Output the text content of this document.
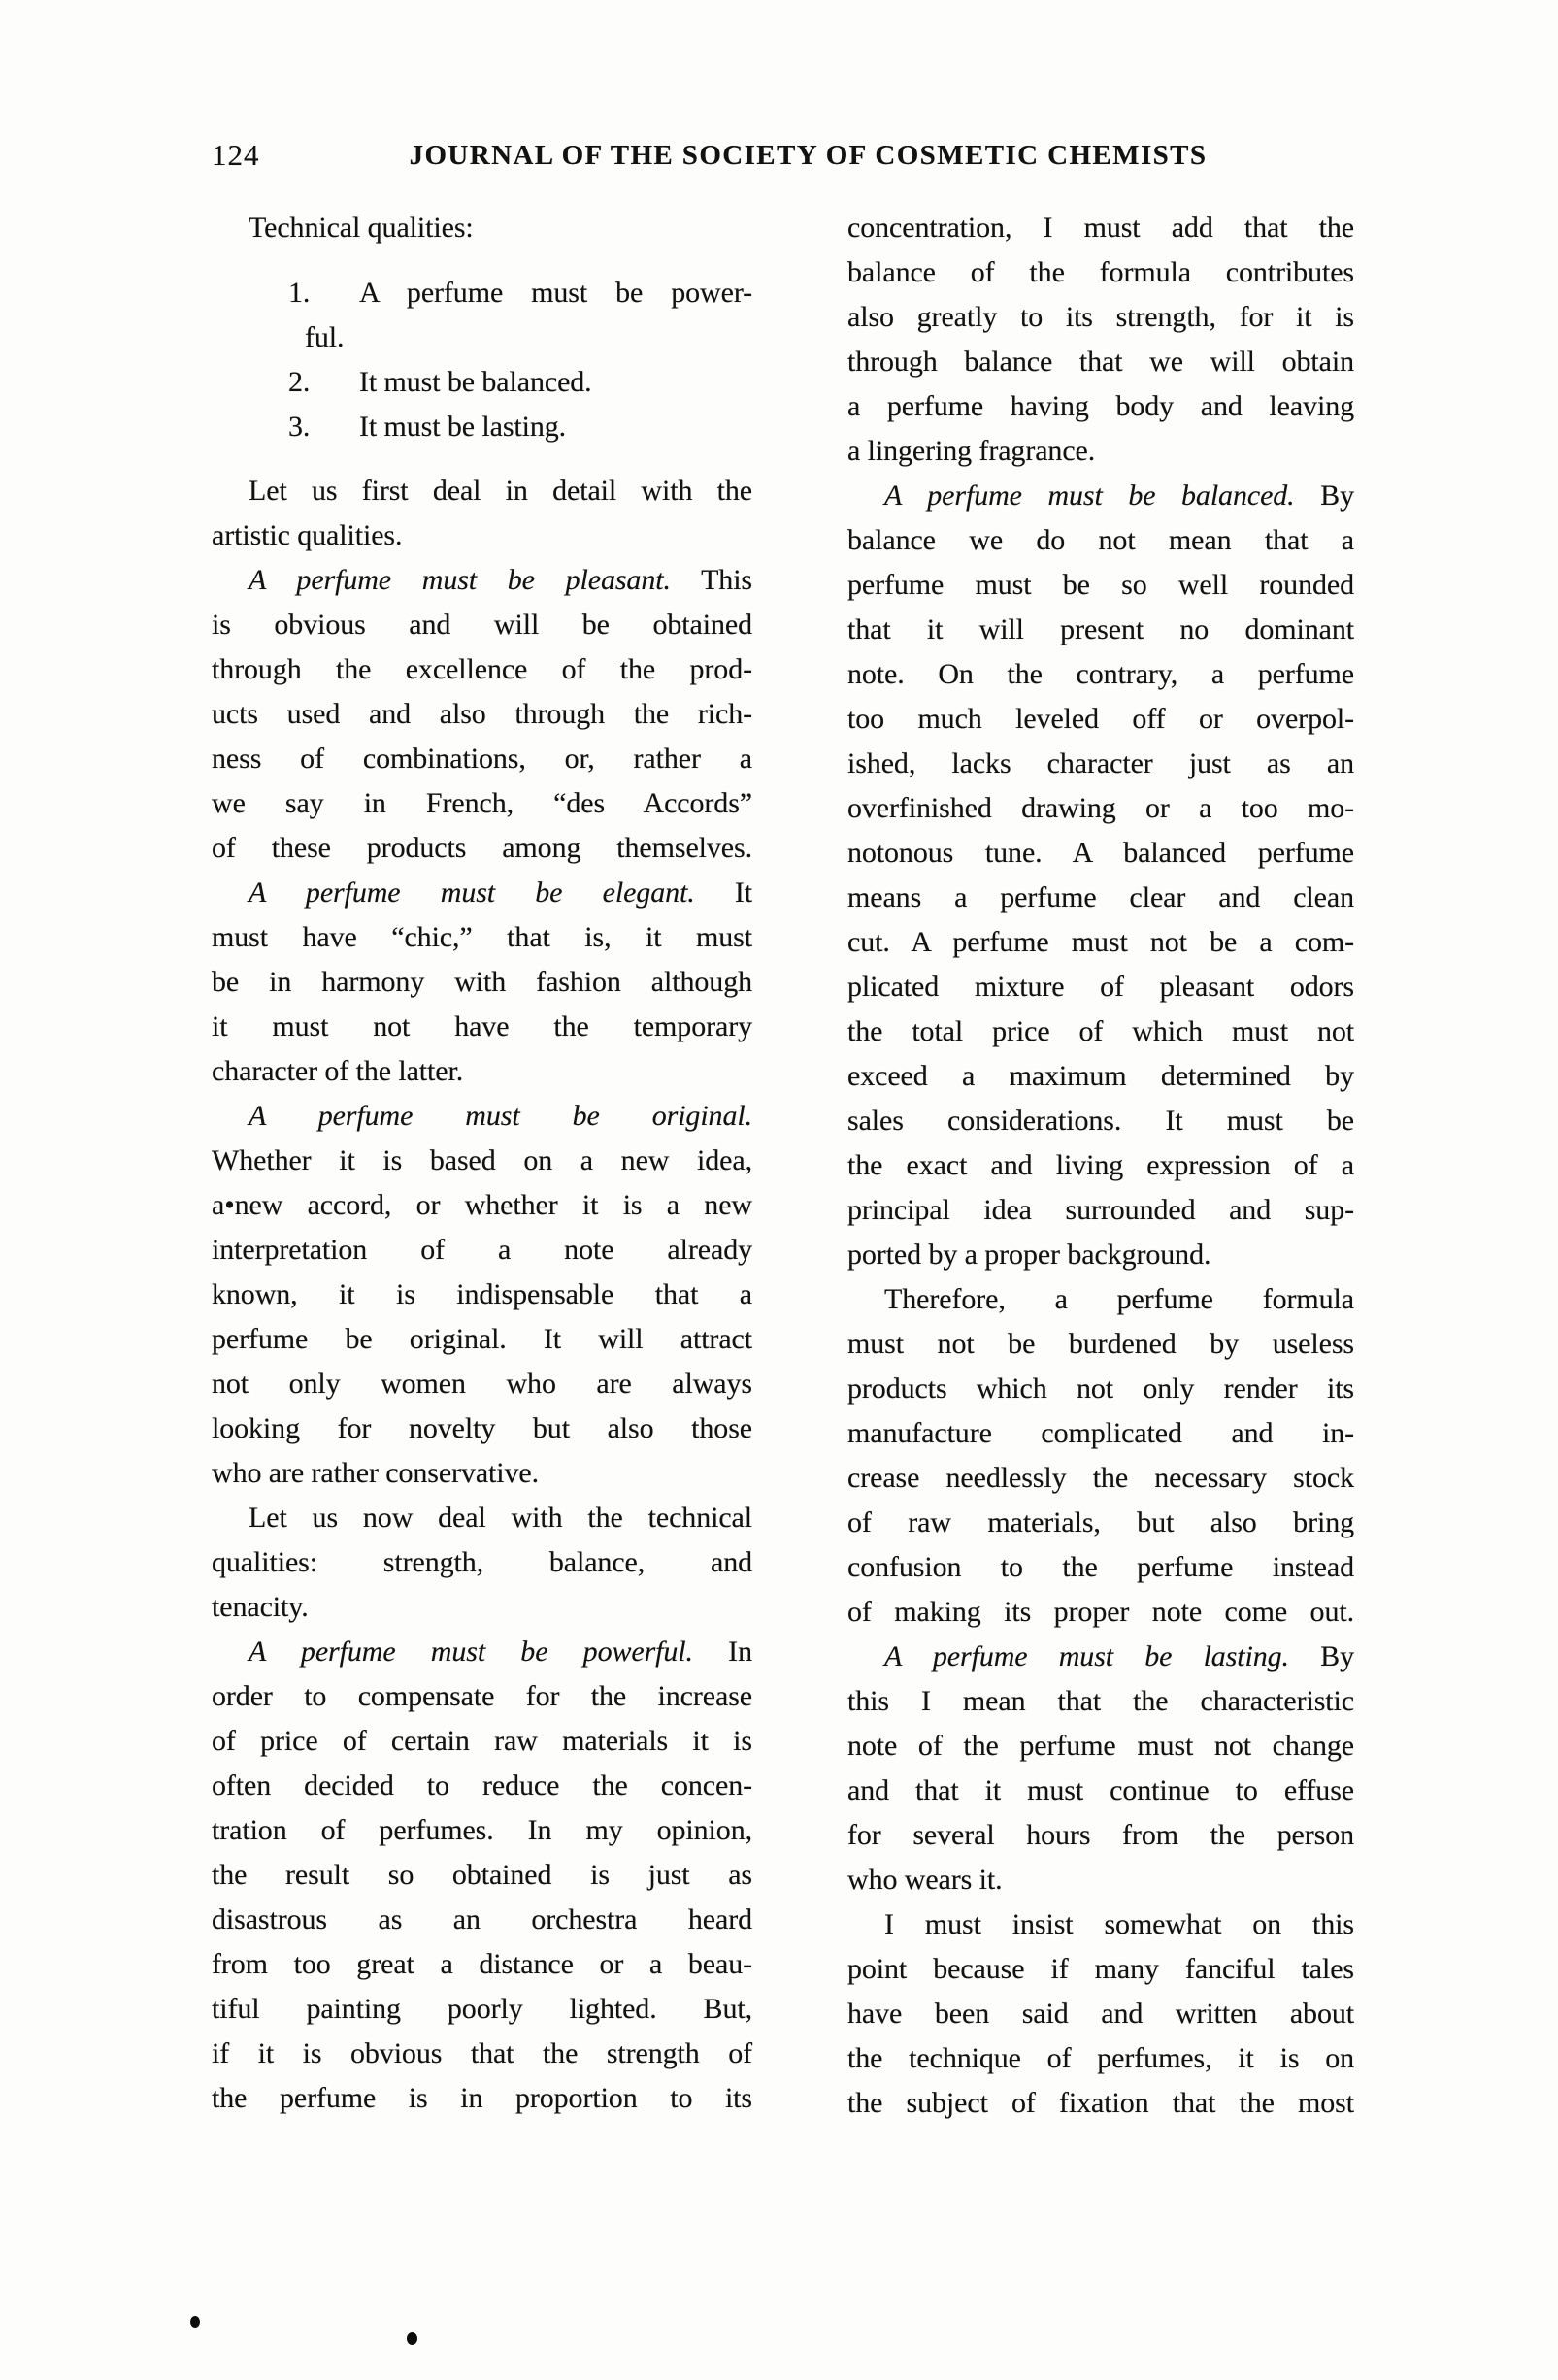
124	JOURNAL OF THE SOCIETY OF COSMETIC CHEMISTS
Technical qualities:
1. A perfume must be power-
ful.
2. It must be balanced.
3. It must be lasting.
Let us first deal in detail with the
artistic qualities.
A perfume must be pleasant. This
is obvious and will be obtained
through the excellence of the prod-
ucts used and also through the rich-
ness of combinations, or, rather a
we say in French, “des Accords”
of these products among themselves.
A perfume must be elegant. It
must have “chic,” that is, it must
be in harmony with fashion although
it must not have the temporary
character of the latter.
A perfume must be original.
Whether it is based on a new idea,
a•new accord, or whether it is a new
interpretation of a note already
known, it is indispensable that a
perfume be original. It will attract
not only women who are always
looking for novelty but also those
who are rather conservative.
Let us now deal with the technical
qualities: strength, balance, and
tenacity.
A perfume must be powerful. In
order to compensate for the increase
of price of certain raw materials it is
often decided to reduce the concen-
tration of perfumes. In my opinion,
the result so obtained is just as
disastrous as an orchestra heard
from too great a distance or a beau-
tiful painting poorly lighted. But,
if it is obvious that the strength of
the perfume is in proportion to its
concentration, I must add that the
balance of the formula contributes
also greatly to its strength, for it is
through balance that we will obtain
a perfume having body and leaving
a lingering fragrance.
A perfume must be balanced. By
balance we do not mean that a
perfume must be so well rounded
that it will present no dominant
note. On the contrary, a perfume
too much leveled off or overpol-
ished, lacks character just as an
overfinished drawing or a too mo-
notonous tune. A balanced perfume
means a perfume clear and clean
cut. A perfume must not be a com-
plicated mixture of pleasant odors
the total price of which must not
exceed a maximum determined by
sales considerations. It must be
the exact and living expression of a
principal idea surrounded and sup-
ported by a proper background.
Therefore, a perfume formula
must not be burdened by useless
products which not only render its
manufacture complicated and in-
crease needlessly the necessary stock
of raw materials, but also bring
confusion to the perfume instead
of making its proper note come out.
A perfume must be lasting. By
this I mean that the characteristic
note of the perfume must not change
and that it must continue to effuse
for several hours from the person
who wears it.
I must insist somewhat on this
point because if many fanciful tales
have been said and written about
the technique of perfumes, it is on
the subject of fixation that the most
